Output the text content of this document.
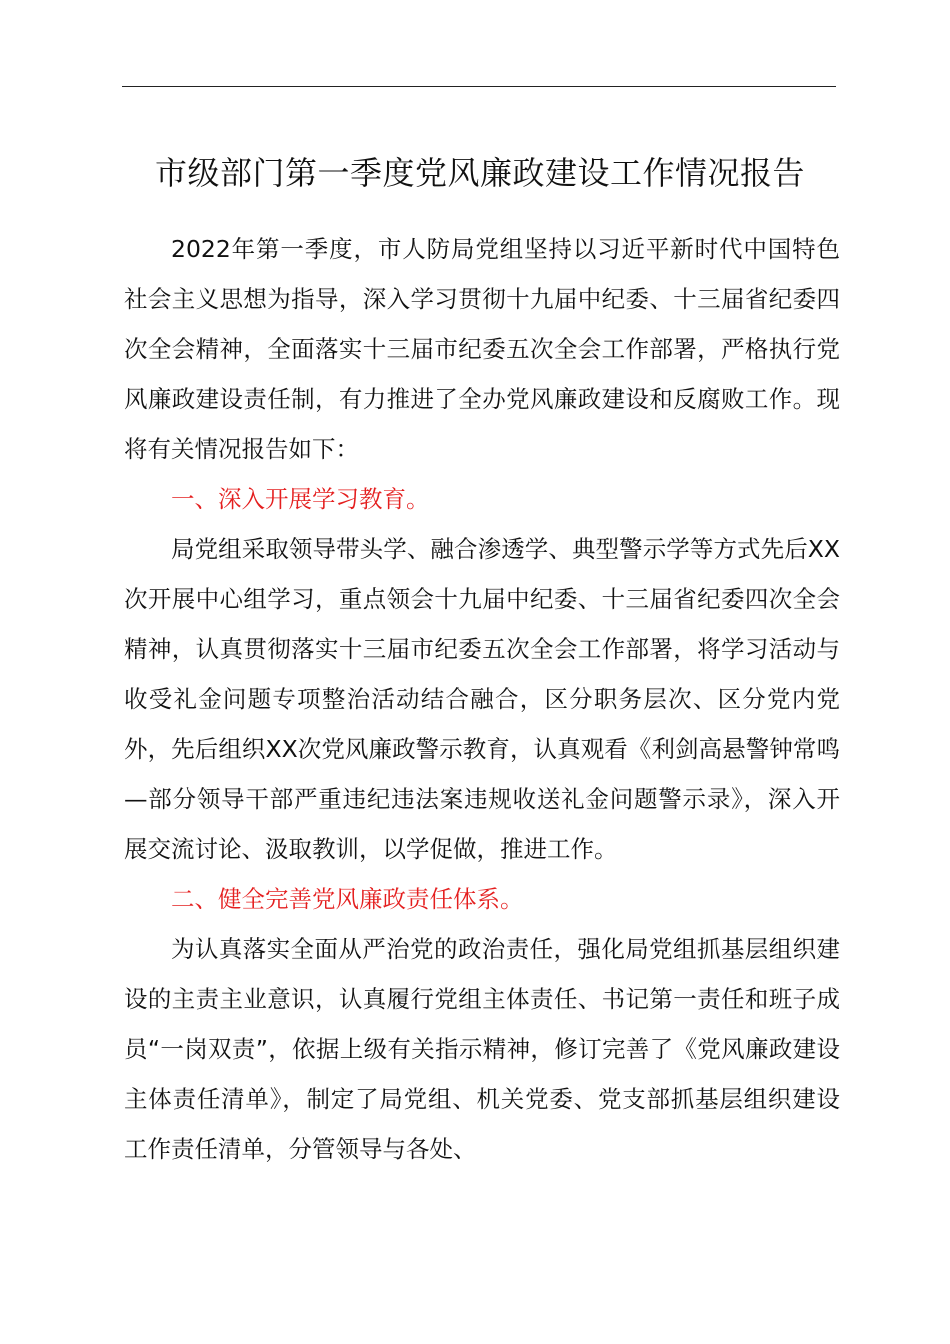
市级部门第一季度党风廉政建设工作情况报告

2022年第一季度，市人防局党组坚持以习近平新时代中国特色社会主义思想为指导，深入学习贯彻十九届中纪委、十三届省纪委四次全会精神，全面落实十三届市纪委五次全会工作部署，严格执行党风廉政建设责任制，有力推进了全办党风廉政建设和反腐败工作。现将有关情况报告如下：

一、深入开展学习教育。

局党组采取领导带头学、融合渗透学、典型警示学等方式先后XX次开展中心组学习，重点领会十九届中纪委、十三届省纪委四次全会精神，认真贯彻落实十三届市纪委五次全会工作部署，将学习活动与收受礼金问题专项整治活动结合融合，区分职务层次、区分党内党外，先后组织XX次党风廉政警示教育，认真观看《利剑高悬警钟常鸣—部分领导干部严重违纪违法案违规收送礼金问题警示录》，深入开展交流讨论、汲取教训，以学促做，推进工作。

二、健全完善党风廉政责任体系。

为认真落实全面从严治党的政治责任，强化局党组抓基层组织建设的主责主业意识，认真履行党组主体责任、书记第一责任和班子成员“一岗双责”，依据上级有关指示精神，修订完善了《党风廉政建设主体责任清单》，制定了局党组、机关党委、党支部抓基层组织建设工作责任清单，分管领导与各处、
